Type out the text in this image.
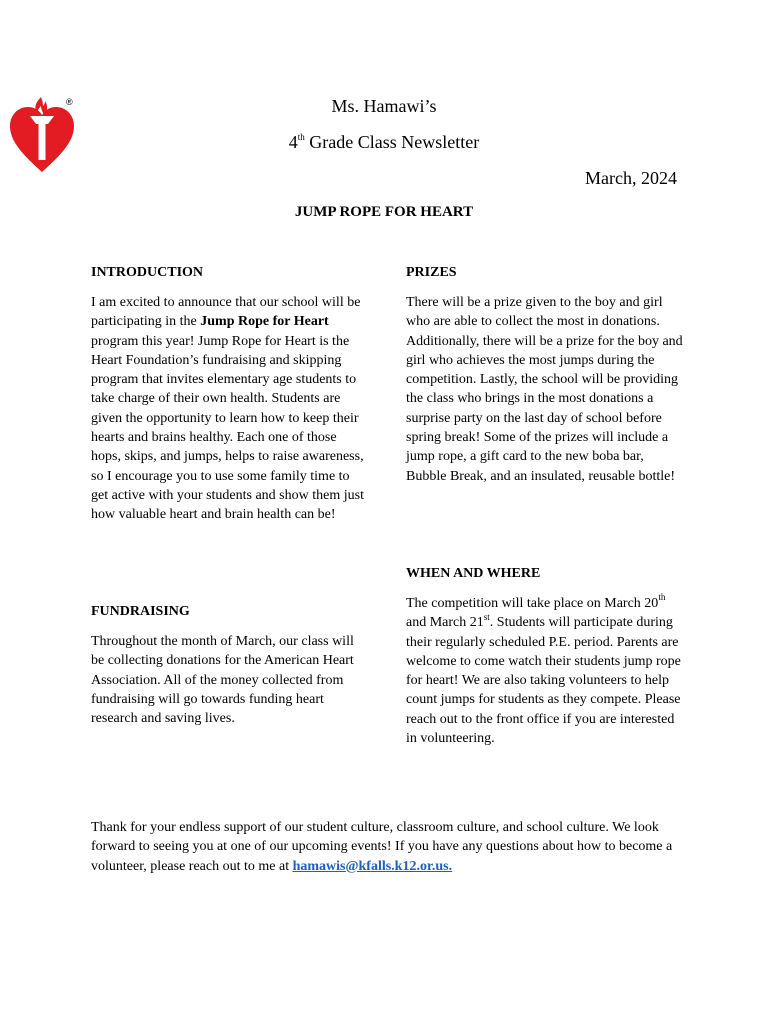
®	Ms. Hamawi’s
4th Grade Class Newsletter
March, 2024
JUMP ROPE FOR HEART
INTRODUCTION

I am excited to announce that our school will be participating in the Jump Rope for Heart program this year! Jump Rope for Heart is the Heart Foundation’s fundraising and skipping program that invites elementary age students to take charge of their own health. Students are given the opportunity to learn how to keep their hearts and brains healthy. Each one of those hops, skips, and jumps, helps to raise awareness, so I encourage you to use some family time to get active with your students and show them just how valuable heart and brain health can be!

FUNDRAISING

Throughout the month of March, our class will be collecting donations for the American Heart Association. All of the money collected from fundraising will go towards funding heart research and saving lives.

PRIZES

There will be a prize given to the boy and girl who are able to collect the most in donations. Additionally, there will be a prize for the boy and girl who achieves the most jumps during the competition. Lastly, the school will be providing the class who brings in the most donations a surprise party on the last day of school before spring break! Some of the prizes will include a jump rope, a gift card to the new boba bar, Bubble Break, and an insulated, reusable bottle!

WHEN AND WHERE

The competition will take place on March 20th and March 21st. Students will participate during their regularly scheduled P.E. period. Parents are welcome to come watch their students jump rope for heart! We are also taking volunteers to help count jumps for students as they compete. Please reach out to the front office if you are interested in volunteering.

Thank for your endless support of our student culture, classroom culture, and school culture. We look forward to seeing you at one of our upcoming events! If you have any questions about how to become a volunteer, please reach out to me at hamawis@kfalls.k12.or.us.
